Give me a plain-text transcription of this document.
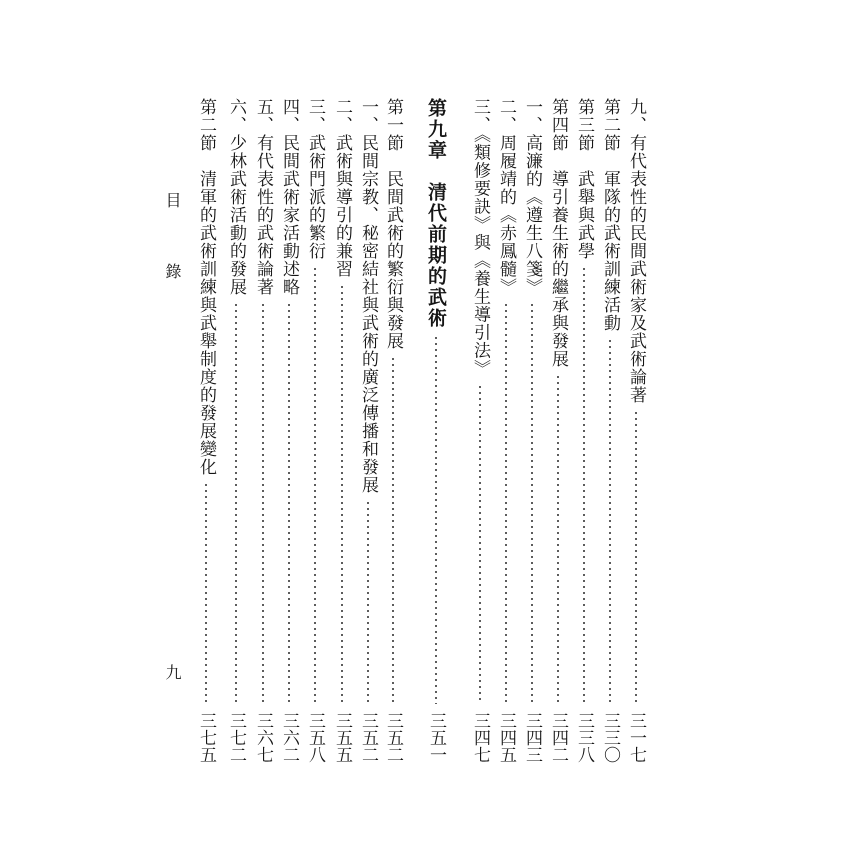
九、有代表性的民間武術家及武術論著
三一七
第二節　軍隊的武術訓練活動
三三〇
第三節　武舉與武學
三三八
第四節　導引養生術的繼承與發展
三四二
一、高濂的《遵生八箋》
三四三
二、周履靖的《赤鳳髓》
三四五
三、《類修要訣》與《養生導引法》
三四七
第九章　清代前期的武術
三五一
第一節　民間武術的繁衍與發展
三五二
一、民間宗教、秘密結社與武術的廣泛傳播和發展
三五二
二、武術與導引的兼習
三五五
三、武術門派的繁衍
三五八
四、民間武術家活動述略
三六二
五、有代表性的武術論著
三六七
六、少林武術活動的發展
三七二
第二節　清軍的武術訓練與武舉制度的發展變化
三七五
目 錄
九
